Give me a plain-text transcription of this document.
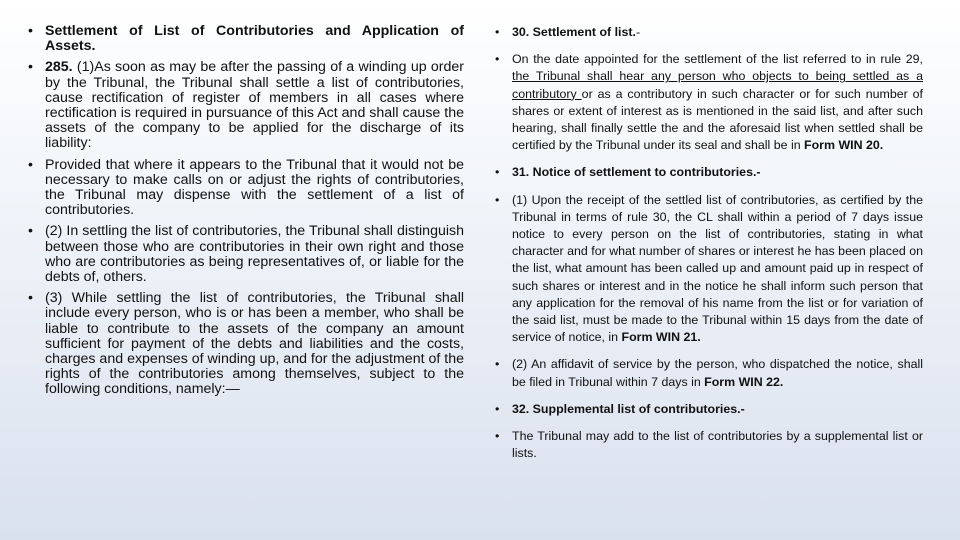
• Settlement of List of Contributories and Application of Assets.
• 285. (1)As soon as may be after the passing of a winding up order by the Tribunal, the Tribunal shall settle a list of contributories, cause rectification of register of members in all cases where rectification is required in pursuance of this Act and shall cause the assets of the company to be applied for the discharge of its liability:
• Provided that where it appears to the Tribunal that it would not be necessary to make calls on or adjust the rights of contributories, the Tribunal may dispense with the settlement of a list of contributories.
• (2) In settling the list of contributories, the Tribunal shall distinguish between those who are contributories in their own right and those who are contributories as being representatives of, or liable for the debts of, others.
• (3) While settling the list of contributories, the Tribunal shall include every person, who is or has been a member, who shall be liable to contribute to the assets of the company an amount sufficient for payment of the debts and liabilities and the costs, charges and expenses of winding up, and for the adjustment of the rights of the contributories among themselves, subject to the following conditions, namely:—
• 30. Settlement of list.-
• On the date appointed for the settlement of the list referred to in rule 29, the Tribunal shall hear any person who objects to being settled as a contributory or as a contributory in such character or for such number of shares or extent of interest as is mentioned in the said list, and after such hearing, shall finally settle the and the aforesaid list when settled shall be certified by the Tribunal under its seal and shall be in Form WIN 20.
• 31. Notice of settlement to contributories.-
• (1) Upon the receipt of the settled list of contributories, as certified by the Tribunal in terms of rule 30, the CL shall within a period of 7 days issue notice to every person on the list of contributories, stating in what character and for what number of shares or interest he has been placed on the list, what amount has been called up and amount paid up in respect of such shares or interest and in the notice he shall inform such person that any application for the removal of his name from the list or for variation of the said list, must be made to the Tribunal within 15 days from the date of service of notice, in Form WIN 21.
• (2) An affidavit of service by the person, who dispatched the notice, shall be filed in Tribunal within 7 days in Form WIN 22.
• 32. Supplemental list of contributories.-
• The Tribunal may add to the list of contributories by a supplemental list or lists.
